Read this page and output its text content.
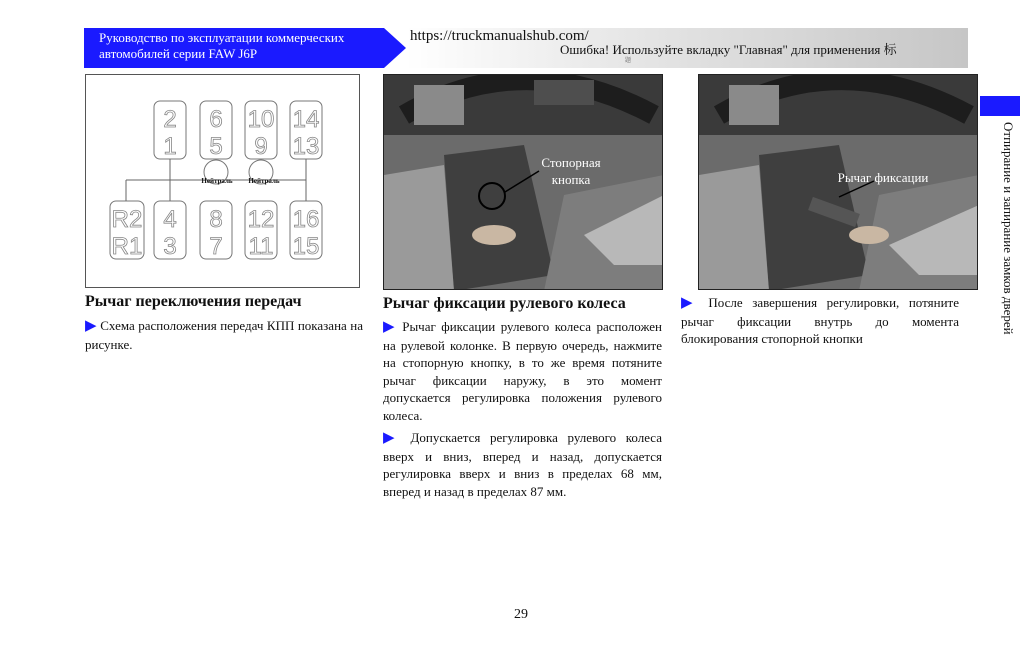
Руководство по эксплуатации коммерческих автомобилей серии FAW J6P
https://truckmanualshub.com/
Ошибка! Используйте вкладку "Главная" для применения 标
题
Отпирание и запирание замков дверей
2 6 10 14
1 5 9 13
R2 4 8 12 16
R1 3 7 11 15
Нейтраль Нейтраль
Стопорная кнопка	Рычаг фиксации
Рычаг переключения передач
▶ Схема расположения передач КПП показана на рисунке.
Рычаг фиксации рулевого колеса
▶ Рычаг фиксации рулевого колеса расположен на рулевой колонке. В первую очередь, нажмите на стопорную кнопку, в то же время потяните рычаг фиксации наружу, в это момент допускается регулировка положения рулевого колеса.
▶ Допускается регулировка рулевого колеса вверх и вниз, вперед и назад, допускается регулировка вверх и вниз в пределах 68 мм, вперед и назад в пределах 87 мм.
▶ После завершения регулировки, потяните рычаг фиксации внутрь до момента блокирования стопорной кнопки
29
